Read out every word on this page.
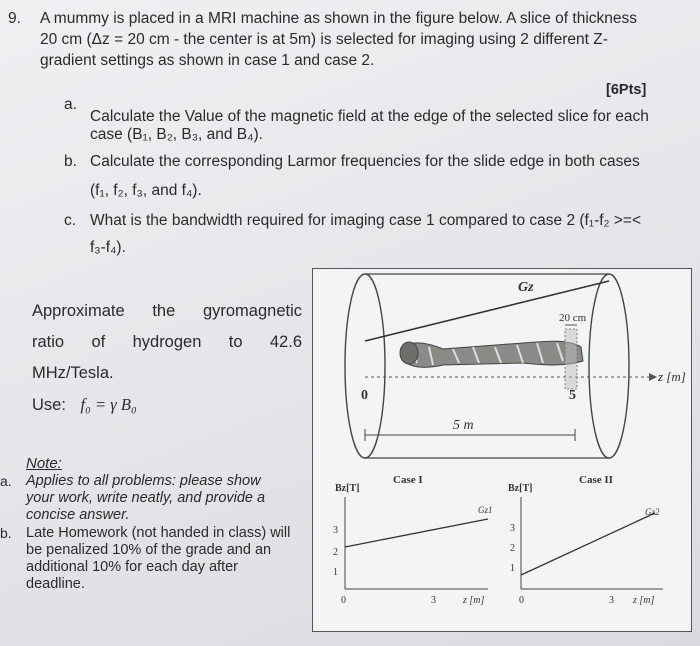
9. A mummy is placed in a MRI machine as shown in the figure below. A slice of thickness
20 cm (Δz = 20 cm - the center is at 5m) is selected for imaging using 2 different Z-
gradient settings as shown in case 1 and case 2.
[6Pts]
a.
Calculate the Value of the magnetic field at the edge of the selected slice for each
case (B₁, B₂, B₃, and B₄).
b. Calculate the corresponding Larmor frequencies for the slide edge in both cases
(f₁, f₂, f₃, and f₄).
c. What is the bandwidth required for imaging case 1 compared to case 2 (f₁-f₂ >=<
f₃-f₄).
Approximate the gyromagnetic
ratio of hydrogen to 42.6
MHz/Tesla.
Use: f₀ = γ B₀
Note:
a. Applies to all problems: please show
your work, write neatly, and provide a
concise answer.
b. Late Homework (not handed in class) will
be penalized 10% of the grade and an
additional 10% for each day after
deadline.
Gz
z [m]
20 cm
0	5
5 m
Bz[T]
Case I
3
2
1
Gz1
0	3	z [m]
Bz[T]
Case II
3
2
1
Gz2
0	3 z [m]
